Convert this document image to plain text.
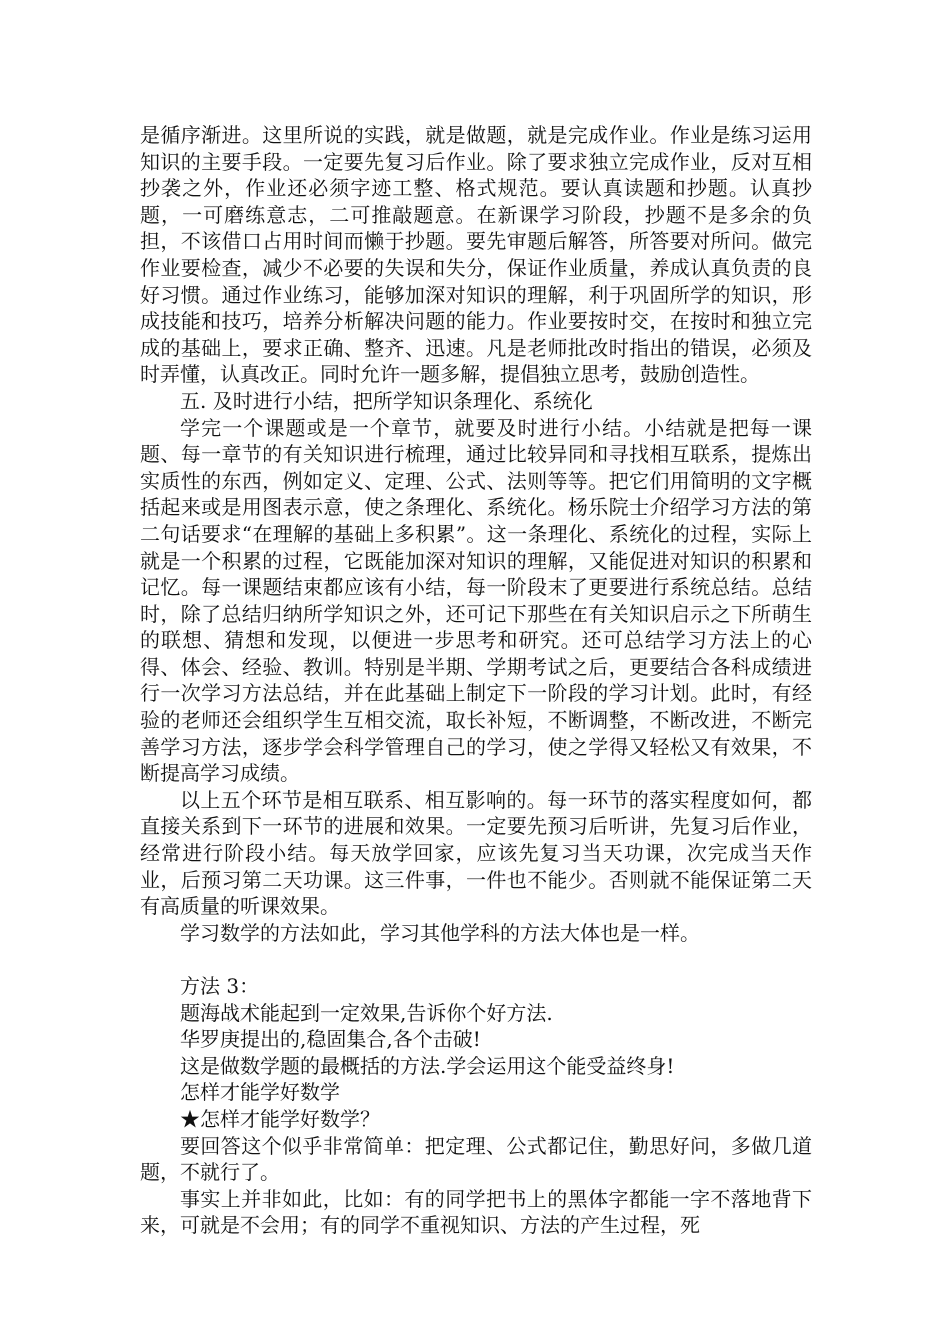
是循序渐进。这里所说的实践，就是做题，就是完成作业。作业是练习运用知识的主要手段。一定要先复习后作业。除了要求独立完成作业，反对互相抄袭之外，作业还必须字迹工整、格式规范。要认真读题和抄题。认真抄题，一可磨练意志，二可推敲题意。在新课学习阶段，抄题不是多余的负担，不该借口占用时间而懒于抄题。要先审题后解答，所答要对所问。做完作业要检查，减少不必要的失误和失分，保证作业质量，养成认真负责的良好习惯。通过作业练习，能够加深对知识的理解，利于巩固所学的知识，形成技能和技巧，培养分析解决问题的能力。作业要按时交，在按时和独立完成的基础上，要求正确、整齐、迅速。凡是老师批改时指出的错误，必须及时弄懂，认真改正。同时允许一题多解，提倡独立思考，鼓励创造性。

五. 及时进行小结，把所学知识条理化、系统化

学完一个课题或是一个章节，就要及时进行小结。小结就是把每一课题、每一章节的有关知识进行梳理，通过比较异同和寻找相互联系，提炼出实质性的东西，例如定义、定理、公式、法则等等。把它们用简明的文字概括起来或是用图表示意，使之条理化、系统化。杨乐院士介绍学习方法的第二句话要求“在理解的基础上多积累”。这一条理化、系统化的过程，实际上就是一个积累的过程，它既能加深对知识的理解，又能促进对知识的积累和记忆。每一课题结束都应该有小结，每一阶段末了更要进行系统总结。总结时，除了总结归纳所学知识之外，还可记下那些在有关知识启示之下所萌生的联想、猜想和发现，以便进一步思考和研究。还可总结学习方法上的心得、体会、经验、教训。特别是半期、学期考试之后，更要结合各科成绩进行一次学习方法总结，并在此基础上制定下一阶段的学习计划。此时，有经验的老师还会组织学生互相交流，取长补短，不断调整，不断改进，不断完善学习方法，逐步学会科学管理自己的学习，使之学得又轻松又有效果，不断提高学习成绩。

以上五个环节是相互联系、相互影响的。每一环节的落实程度如何，都直接关系到下一环节的进展和效果。一定要先预习后听讲，先复习后作业，经常进行阶段小结。每天放学回家，应该先复习当天功课，次完成当天作业，后预习第二天功课。这三件事，一件也不能少。否则就不能保证第二天有高质量的听课效果。

学习数学的方法如此，学习其他学科的方法大体也是一样。

方法 3：

题海战术能起到一定效果,告诉你个好方法.

华罗庚提出的,稳固集合,各个击破!

这是做数学题的最概括的方法.学会运用这个能受益终身!

怎样才能学好数学

★怎样才能学好数学？

要回答这个似乎非常简单：把定理、公式都记住，勤思好问，多做几道题，不就行了。

事实上并非如此，比如：有的同学把书上的黑体字都能一字不落地背下来，可就是不会用；有的同学不重视知识、方法的产生过程，死
